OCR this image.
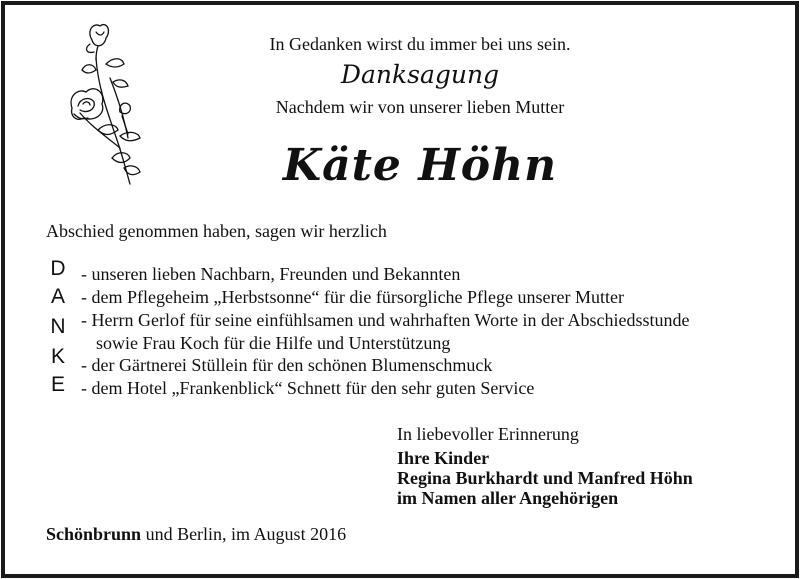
In Gedanken wirst du immer bei uns sein.
Danksagung
Nachdem wir von unserer lieben Mutter
Käte Höhn
Abschied genommen haben, sagen wir herzlich
D
A
N
K
E
- unseren lieben Nachbarn, Freunden und Bekannten
- dem Pflegeheim „Herbstsonne“ für die fürsorgliche Pflege unserer Mutter
- Herrn Gerlof für seine einfühlsamen und wahrhaften Worte in der Abschiedsstunde
sowie Frau Koch für die Hilfe und Unterstützung
- der Gärtnerei Stüllein für den schönen Blumenschmuck
- dem Hotel „Frankenblick“ Schnett für den sehr guten Service
In liebevoller Erinnerung
Ihre Kinder
Regina Burkhardt und Manfred Höhn
im Namen aller Angehörigen
Schönbrunn und Berlin, im August 2016
